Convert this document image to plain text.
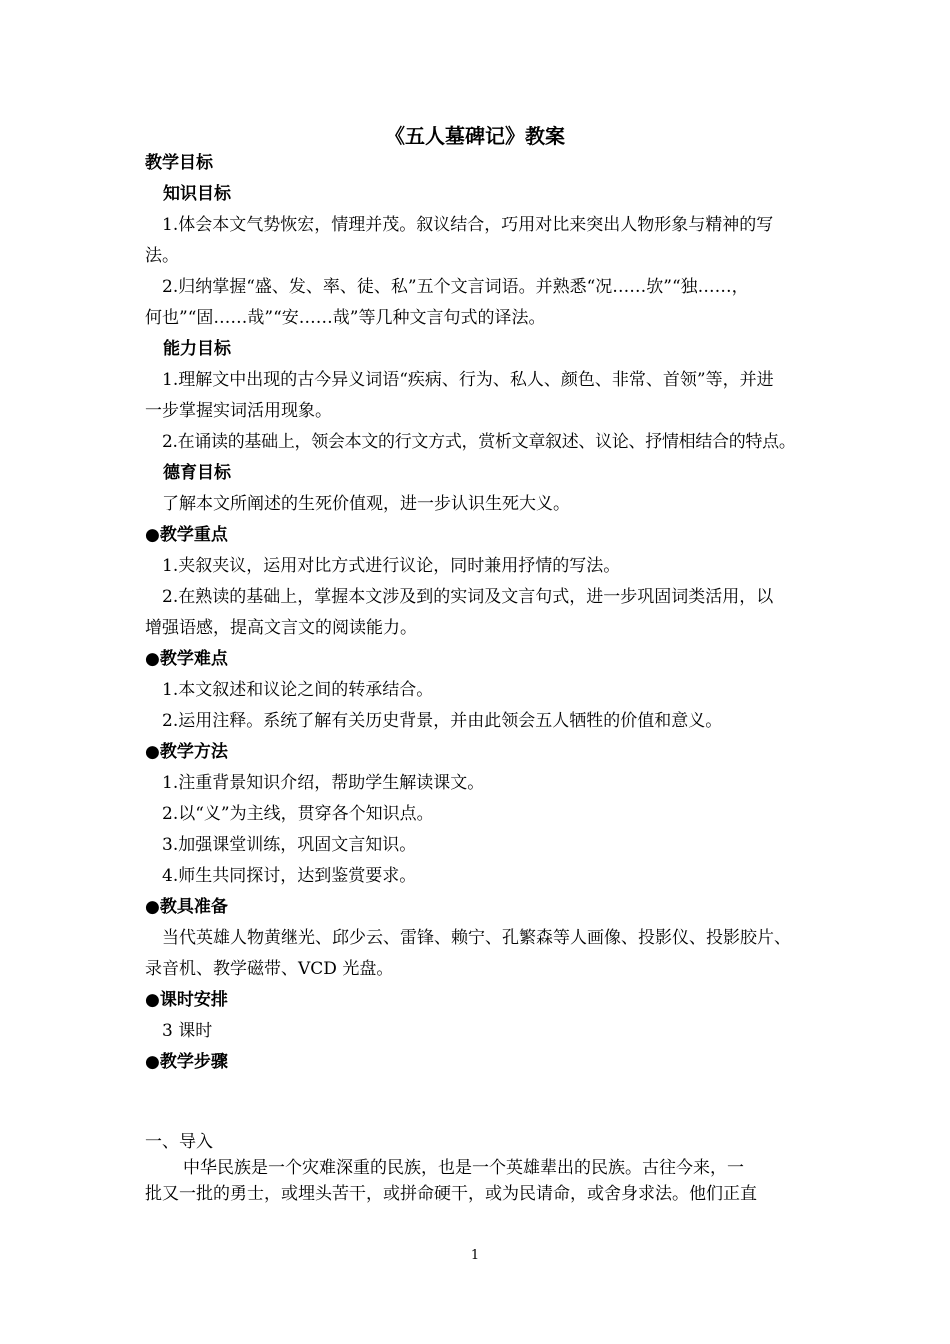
《五人墓碑记》教案
教学目标
知识目标
1.体会本文气势恢宏，情理并茂。叙议结合，巧用对比来突出人物形象与精神的写
法。
2.归纳掌握“盛、发、率、徒、私”五个文言词语。并熟悉“况……欤”“独……，
何也”“固……哉”“安……哉”等几种文言句式的译法。
能力目标
1.理解文中出现的古今异义词语“疾病、行为、私人、颜色、非常、首领”等，并进
一步掌握实词活用现象。
2.在诵读的基础上，领会本文的行文方式，赏析文章叙述、议论、抒情相结合的特点。
德育目标
了解本文所阐述的生死价值观，进一步认识生死大义。
●教学重点
1.夹叙夹议，运用对比方式进行议论，同时兼用抒情的写法。
2.在熟读的基础上，掌握本文涉及到的实词及文言句式，进一步巩固词类活用，以
增强语感，提高文言文的阅读能力。
●教学难点
1.本文叙述和议论之间的转承结合。
2.运用注释。系统了解有关历史背景，并由此领会五人牺牲的价值和意义。
●教学方法
1.注重背景知识介绍，帮助学生解读课文。
2.以“义”为主线，贯穿各个知识点。
3.加强课堂训练，巩固文言知识。
4.师生共同探讨，达到鉴赏要求。
●教具准备
当代英雄人物黄继光、邱少云、雷锋、赖宁、孔繁森等人画像、投影仪、投影胶片、
录音机、教学磁带、VCD 光盘。
●课时安排
3 课时
●教学步骤
一、导入
中华民族是一个灾难深重的民族，也是一个英雄辈出的民族。古往今来，一
批又一批的勇士，或埋头苦干，或拼命硬干，或为民请命，或舍身求法。他们正直
1
